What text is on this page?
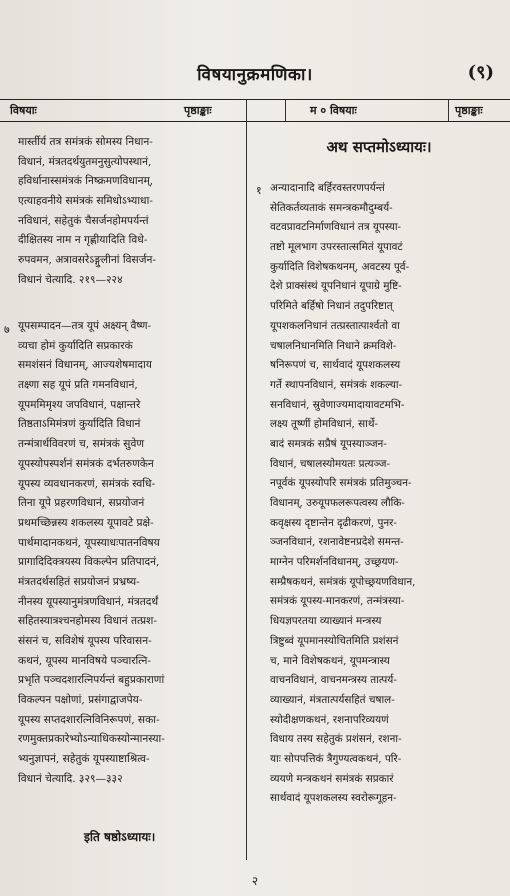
विषयानुक्रमणिका।	(९)
विषयाः	पृष्ठाङ्काः	म ० विषयाः	पृष्ठाङ्काः
मार्स्तीर्य तत्र समंत्रकं सोमस्य निधान-
विधानं, मंत्रतदर्थयुतमनुसुत्योपस्थानं,
हविर्धानास्समंत्रकं निष्क्रमणविधानम्,
एत्याहवनीये समंत्रकं समिधोऽभ्याधा-
नविधानं, सहेतुकं चैसर्जनहोमपर्यन्तं
दीक्षितस्य नाम न गृह्णीयादिति विधे-
रुपवमन, अत्रावसरेऽङ्गुलीनां विसर्जन-
विधानं चेत्यादि. २१९—२२४
७ यूपसम्पादन—तत्र यूपं अक्ष्यन् वैष्ण-
व्यचा होमं कुर्यादिति सप्रकारकं
समशंसनं विधानम्, आज्यशेषमादाय
तक्ष्णा सह यूपं प्रति गमनविधानं,
यूपममिमृश्य जपविधानं, पक्षान्तरे
तिष्ठताऽमिमंत्रणं कुर्यादिति विधानं
तन्मंत्रार्थविवरणं च, समंत्रकं सुवेण
यूपस्योपस्पर्शनं समंत्रकं दर्भतरुणकेन
यूपस्य व्यवधानकरणं, समंत्रकं स्वधि-
तिना यूपे प्रहरणविधानं, सप्रयोजनं
प्रथमच्छिन्नस्य शकलस्य यूपावटे प्रक्षे-
पार्थमादानकथनं, यूपस्याधःपातनविषय
प्रागादिदिक्त्रयस्य विकल्पेन प्रतिपादनं,
मंत्रतदर्थसहितं सप्रयोजनं प्रभ्रष्य-
नीनस्य यूपस्यानुमंत्रणविधानं, मंत्रतदर्थं
सहितस्यात्रश्चनहोमस्य विधानं तत्प्रश-
संसनं च, सविशेषं यूपस्य परिवासन-
कथनं, यूपस्य मानविषये पञ्चारत्नि-
प्रभृति पञ्चदशारत्निपर्यन्तं बहुप्रकाराणां
विकल्पन पक्षोणां, प्रसंगाद्वाजपेय-
यूपस्य सप्तदशारत्निविनिरूपणं, सका-
रणमुक्तप्रकारेभ्योऽन्याधिकस्योन्मानस्या-
भ्यनुज्ञापनं, सहेतुकं यूपस्याष्टाश्रित्व-
विधानं चेत्यादि. ३२९—३३२
इति षष्ठोऽध्यायः।
२
अथ सप्तमोऽध्यायः।
१ अन्यादानादि बर्हिरवस्तरणपर्यन्तं
सेतिकर्तव्यताकं समन्त्रकमौदुम्बर्य-
वटवप्रावटनिर्माणविधानं तत्र यूपस्या-
तष्टो मूलभाग उपरस्तात्समितं यूपावटं
कुर्यादिति विशेषकथनम्, अवटस्य पूर्व-
देशे प्राक्संस्थं यूपनिधानं यूपाग्रे मुष्टि-
परिमिते बर्हिषो निधानं तदुपरिष्टात्
यूपशकलनिधानं तत्प्रस्तात्पार्श्वतो वा
चषालनिधानमिति निधाने क्रमविशे-
षनिरूपणं च, सार्थवादं यूपशकलस्य
गर्ते स्थापनविधानं, समंत्रकं शकल्या-
सनविधानं, स्रुवेणाज्यमादायावटमभि-
लक्ष्य तूष्णीं होमविधानं, सार्थे-
बादं समत्रकं सप्रैषं यूपस्याञ्जन-
विधानं, चषालस्योमयतः प्रत्यञ्ज-
नपूर्वकं यूपस्योपरि समंत्रकं प्रतिमुञ्चन-
विधानम्, उरुयूपफलरूपत्वस्य लौकि-
कवृक्षस्य दृष्टान्तेन दृढीकरणं, पुनर-
ञ्जनविधानं, रशनावेष्टनप्रदेशे समन्त-
माग्नेन परिमर्शनविधानम्, उच्छ्रयण-
सम्प्रैषकथनं, समंत्रकं यूपोच्छ्रयणविधान,
समंत्रकं यूपस्य-मानकरणं, तन्मंत्रस्या-
धियज्ञपरतया व्याख्यानं मन्त्रस्य
त्रिष्टुब्वं यूपमानस्योचितमिति प्रशंसनं
च, माने विशेषकथनं, यूपमन्त्रास्य
वाचनविधानं, वाचनमन्त्रस्य तात्पर्य-
व्याख्यानं, मंत्रतात्पर्यसहितं चषाल-
स्योदीक्षणकथनं, रशनापरिव्ययणं
विधाय तस्य सहेतुकं प्रशंसनं, रशना-
याः सोपपत्तिकं त्रैगुण्यत्वकथनं, परि-
व्ययणे मन्त्रकथनं समंत्रकं सप्रकारं
सार्थवादं यूपशकलस्य स्वरोरूगूहन-
